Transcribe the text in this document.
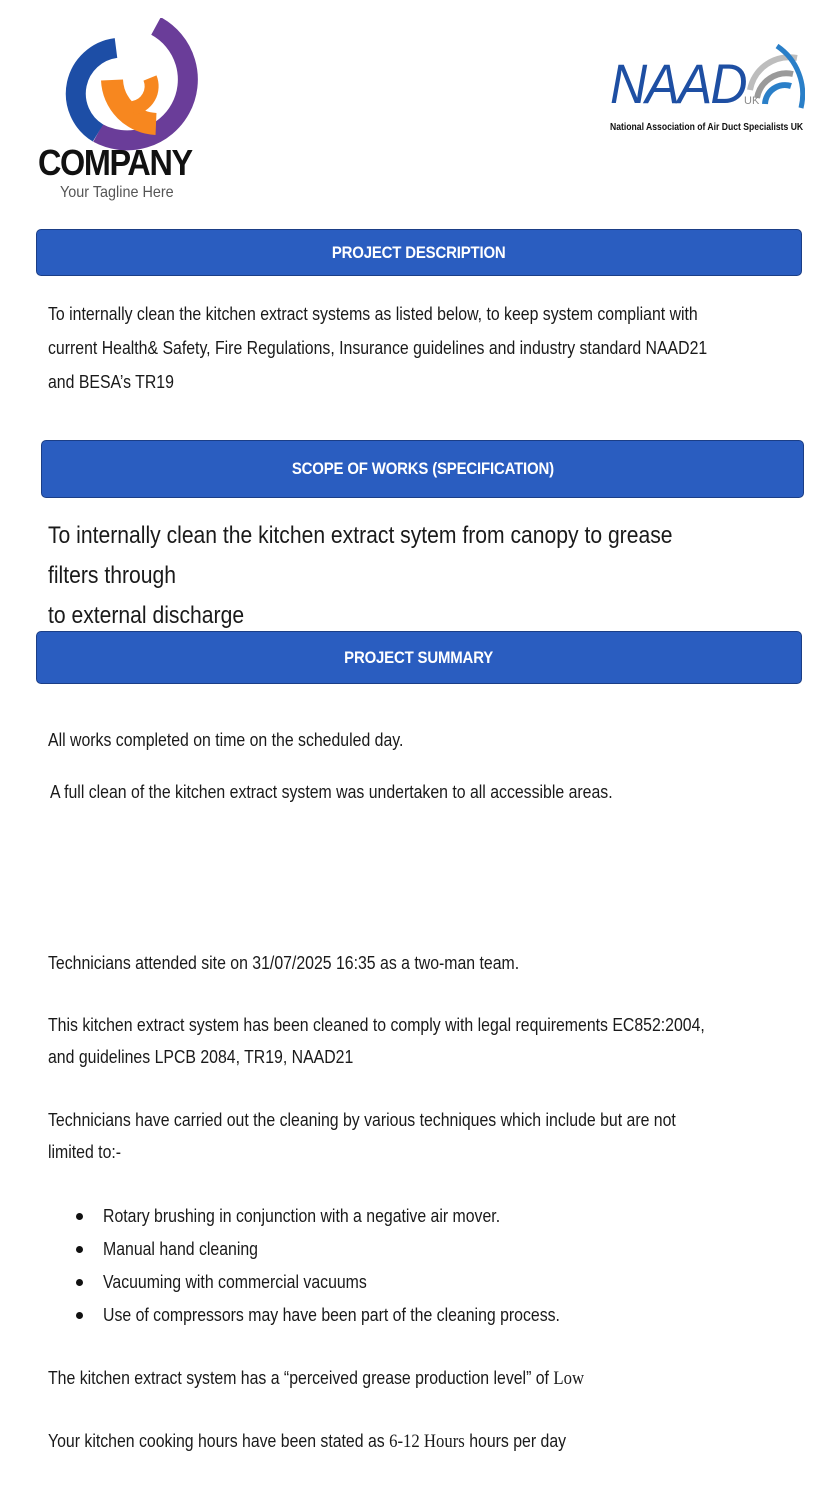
COMPANY
Your Tagline Here
NAAD
UK
National Association of Air Duct Specialists UK
PROJECT DESCRIPTION
To internally clean the kitchen extract systems as listed below, to keep system compliant with
current Health& Safety, Fire Regulations, Insurance guidelines and industry standard NAAD21
and BESA’s TR19
SCOPE OF WORKS (SPECIFICATION)
To internally clean the kitchen extract sytem from canopy to grease filters through
to external discharge
PROJECT SUMMARY
All works completed on time on the scheduled day.
A full clean of the kitchen extract system was undertaken to all accessible areas.
Technicians attended site on 31/07/2025 16:35 as a two-man team.
This kitchen extract system has been cleaned to comply with legal requirements EC852:2004,
and guidelines LPCB 2084, TR19, NAAD21
Technicians have carried out the cleaning by various techniques which include but are not
limited to:-
Rotary brushing in conjunction with a negative air mover.
Manual hand cleaning
Vacuuming with commercial vacuums
Use of compressors may have been part of the cleaning process.
The kitchen extract system has a “perceived grease production level” of Low
Your kitchen cooking hours have been stated as 6-12 Hours hours per day
